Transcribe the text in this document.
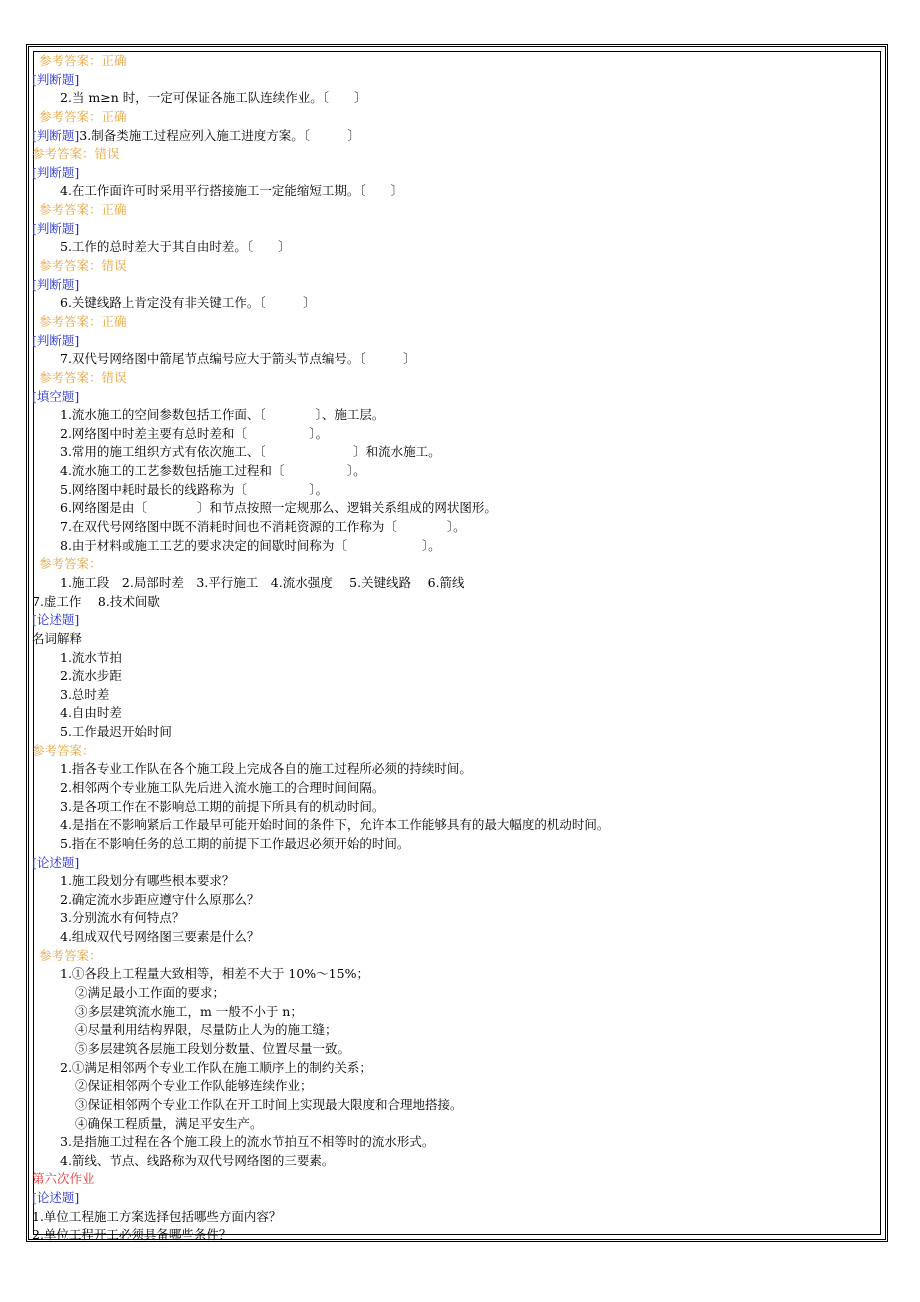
参考答案：正确
[判断题]
2.当 m≥n 时，一定可保证各施工队连续作业。〔　　〕
参考答案：正确
[判断题]3.制备类施工过程应列入施工进度方案。〔　　　〕
参考答案：错误
[判断题]
4.在工作面许可时采用平行搭接施工一定能缩短工期。〔　　〕
参考答案：正确
[判断题]
5.工作的总时差大于其自由时差。〔　　〕
参考答案：错误
[判断题]
6.关键线路上肯定没有非关键工作。〔　　　〕
参考答案：正确
[判断题]
7.双代号网络图中箭尾节点编号应大于箭头节点编号。〔　　　〕
参考答案：错误
[填空题]
1.流水施工的空间参数包括工作面、〔　　　　〕、施工层。
2.网络图中时差主要有总时差和〔　　　　　〕。
3.常用的施工组织方式有依次施工、〔　　　　　　　〕和流水施工。
4.流水施工的工艺参数包括施工过程和〔　　　　　〕。
5.网络图中耗时最长的线路称为〔　　　　　〕。
6.网络图是由〔　　　　〕和节点按照一定规那么、逻辑关系组成的网状图形。
7.在双代号网络图中既不消耗时间也不消耗资源的工作称为〔　　　　〕。
8.由于材料或施工工艺的要求决定的间歇时间称为〔　　　　　　〕。
参考答案：
1.施工段　2.局部时差　3.平行施工　4.流水强度　 5.关键线路　 6.箭线
7.虚工作　 8.技术间歇
[论述题]
名词解释
1.流水节拍
2.流水步距
3.总时差
4.自由时差
5.工作最迟开始时间
参考答案：
1.指各专业工作队在各个施工段上完成各自的施工过程所必须的持续时间。
2.相邻两个专业施工队先后进入流水施工的合理时间间隔。
3.是各项工作在不影响总工期的前提下所具有的机动时间。
4.是指在不影响紧后工作最早可能开始时间的条件下，允许本工作能够具有的最大幅度的机动时间。
5.指在不影响任务的总工期的前提下工作最迟必须开始的时间。
[论述题]
1.施工段划分有哪些根本要求？
2.确定流水步距应遵守什么原那么？
3.分别流水有何特点？
4.组成双代号网络图三要素是什么？
参考答案：
1.①各段上工程量大致相等，相差不大于 10%～15%；
②满足最小工作面的要求；
③多层建筑流水施工，m 一般不小于 n；
④尽量利用结构界限，尽量防止人为的施工缝；
⑤多层建筑各层施工段划分数量、位置尽量一致。
2.①满足相邻两个专业工作队在施工顺序上的制约关系；
②保证相邻两个专业工作队能够连续作业；
③保证相邻两个专业工作队在开工时间上实现最大限度和合理地搭接。
④确保工程质量，满足平安生产。
3.是指施工过程在各个施工段上的流水节拍互不相等时的流水形式。
4.箭线、节点、线路称为双代号网络图的三要素。
第六次作业
[论述题]
1.单位工程施工方案选择包括哪些方面内容？
2.单位工程开工必须具备哪些条件？
